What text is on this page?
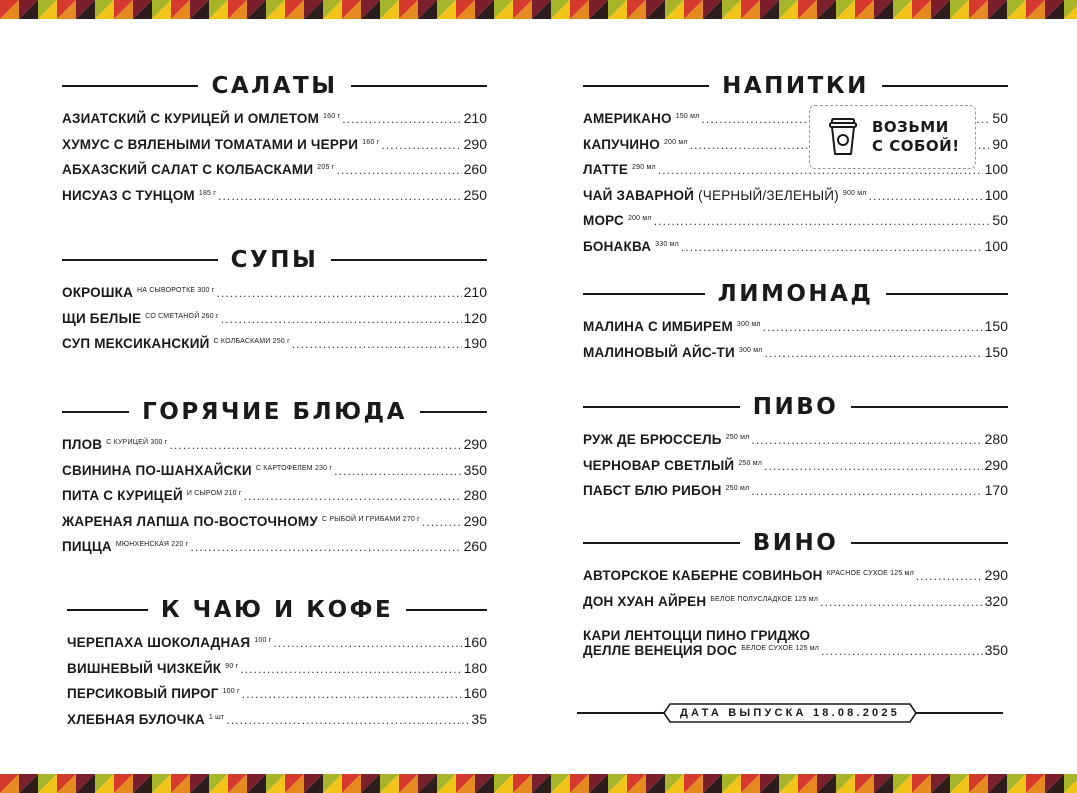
САЛАТЫ
АЗИАТСКИЙ С КУРИЦЕЙ И ОМЛЕТОМ 160 г .....	210
ХУМУС С ВЯЛЕНЫМИ ТОМАТАМИ И ЧЕРРИ 160 г .....	290
АБХАЗСКИЙ САЛАТ С КОЛБАСКАМИ 205 г .....	260
НИСУАЗ С ТУНЦОМ 185 г .....	250
СУПЫ
ОКРОШКА НА СЫВОРОТКЕ 300 г .....	210
ЩИ БЕЛЫЕ СО СМЕТАНОЙ 260 г .....	120
СУП МЕКСИКАНСКИЙ С КОЛБАСКАМИ 250 г .....	190
ГОРЯЧИЕ БЛЮДА
ПЛОВ С КУРИЦЕЙ 300 г .....	290
СВИНИНА ПО-ШАНХАЙСКИ С КАРТОФЕЛЕМ 230 г .....	350
ПИТА С КУРИЦЕЙ И СЫРОМ 210 г .....	280
ЖАРЕНАЯ ЛАПША ПО-ВОСТОЧНОМУ С РЫБОЙ И ГРИБАМИ 270 г .....	290
ПИЦЦА МЮНХЕНСКАЯ 220 г .....	260
К ЧАЮ И КОФЕ
ЧЕРЕПАХА ШОКОЛАДНАЯ 100 г .....	160
ВИШНЕВЫЙ ЧИЗКЕЙК 90 г .....	180
ПЕРСИКОВЫЙ ПИРОГ 100 г .....	160
ХЛЕБНАЯ БУЛОЧКА 1 шт .....	35
НАПИТКИ
АМЕРИКАНО 150 мл .....	50
КАПУЧИНО 200 мл .....	90
ЛАТТЕ 290 мл .....	100
ЧАЙ ЗАВАРНОЙ (ЧЕРНЫЙ/ЗЕЛЕНЫЙ) 900 мл .....	100
МОРС 200 мл .....	50
БОНАКВА 330 мл .....	100
ЛИМОНАД
МАЛИНА С ИМБИРЕМ 300 мл .....	150
МАЛИНОВЫЙ АЙС-ТИ 300 мл .....	150
ПИВО
РУЖ ДЕ БРЮССЕЛЬ 250 мл .....	280
ЧЕРНОВАР СВЕТЛЫЙ 250 мл .....	290
ПАБСТ БЛЮ РИБОН 250 мл .....	170
ВИНО
АВТОРСКОЕ КАБЕРНЕ СОВИНЬОН КРАСНОЕ СУХОЕ 125 мл .....	290
ДОН ХУАН АЙРЕН БЕЛОЕ ПОЛУСЛАДКОЕ 125 мл .....	320
КАРИ ЛЕНТОЦЦИ ПИНО ГРИДЖО
ДЕЛЛЕ ВЕНЕЦИЯ DOC $^{БЕЛОЕ СУХОЕ 125 мл}$ .....	350
ВОЗЬМИ
С СОБОЙ!
ДАТА ВЫПУСКА 18.08.2025
